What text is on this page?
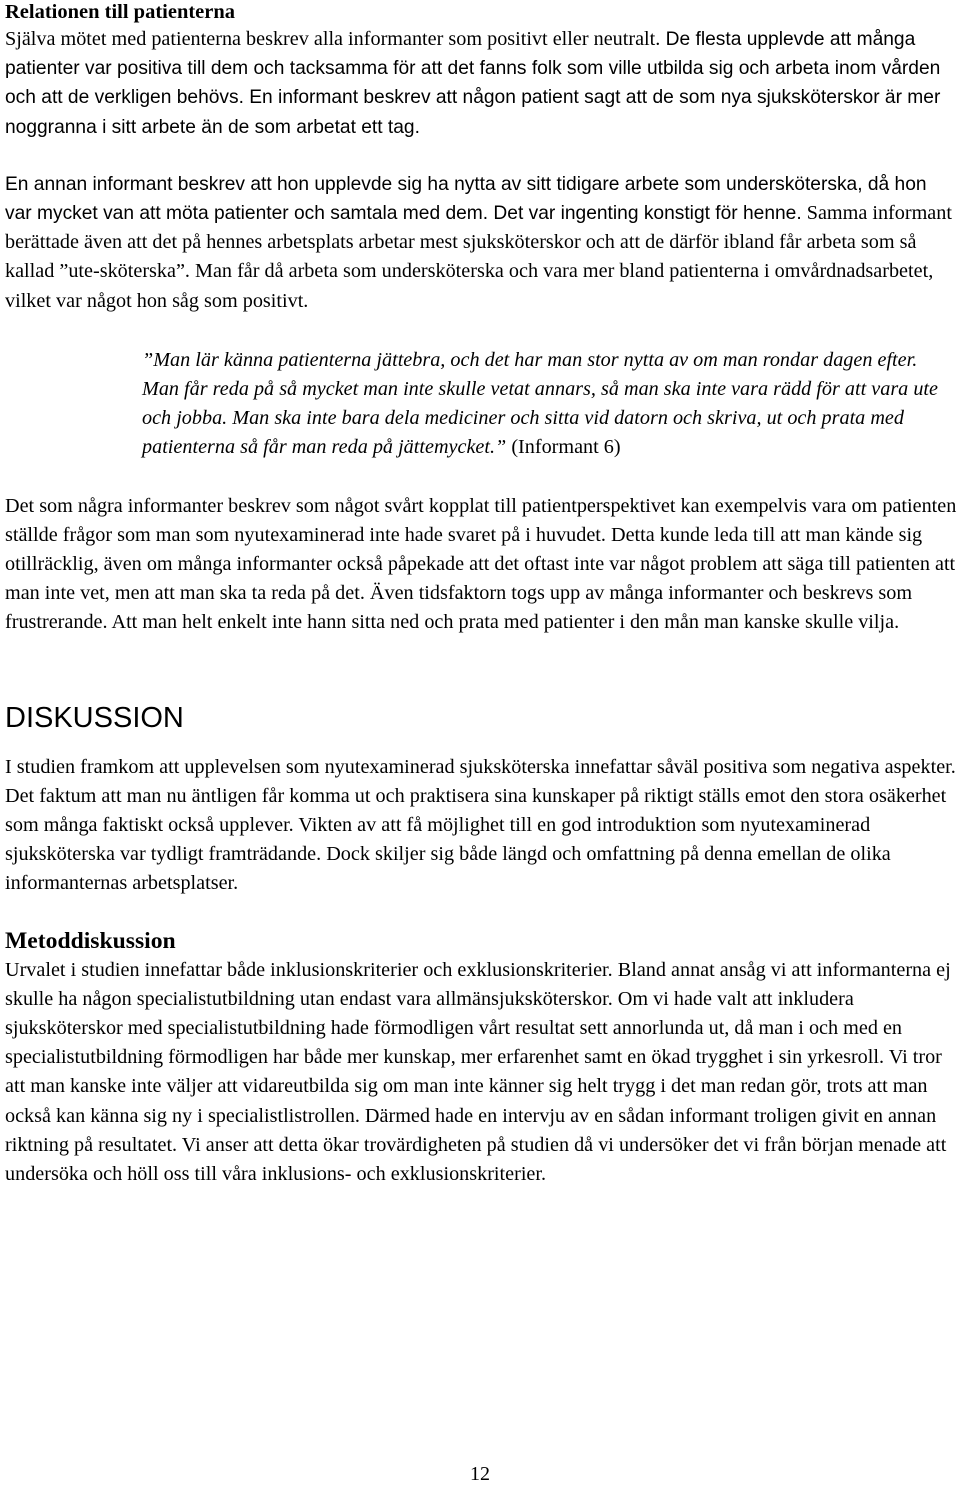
Relationen till patienterna

Själva mötet med patienterna beskrev alla informanter som positivt eller neutralt. De flesta upplevde att många patienter var positiva till dem och tacksamma för att det fanns folk som ville utbilda sig och arbeta inom vården och att de verkligen behövs. En informant beskrev att någon patient sagt att de som nya sjuksköterskor är mer noggranna i sitt arbete än de som arbetat ett tag.

En annan informant beskrev att hon upplevde sig ha nytta av sitt tidigare arbete som undersköterska, då hon var mycket van att möta patienter och samtala med dem. Det var ingenting konstigt för henne. Samma informant berättade även att det på hennes arbetsplats arbetar mest sjuksköterskor och att de därför ibland får arbeta som så kallad ”ute-sköterska”. Man får då arbeta som undersköterska och vara mer bland patienterna i omvårdnadsarbetet, vilket var något hon såg som positivt.

”Man lär känna patienterna jättebra, och det har man stor nytta av om man rondar dagen efter. Man får reda på så mycket man inte skulle vetat annars, så man ska inte vara rädd för att vara ute och jobba. Man ska inte bara dela mediciner och sitta vid datorn och skriva, ut och prata med patienterna så får man reda på jättemycket.” (Informant 6)

Det som några informanter beskrev som något svårt kopplat till patientperspektivet kan exempelvis vara om patienten ställde frågor som man som nyutexaminerad inte hade svaret på i huvudet. Detta kunde leda till att man kände sig otillräcklig, även om många informanter också påpekade att det oftast inte var något problem att säga till patienten att man inte vet, men att man ska ta reda på det. Även tidsfaktorn togs upp av många informanter och beskrevs som frustrerande. Att man helt enkelt inte hann sitta ned och prata med patienter i den mån man kanske skulle vilja.

DISKUSSION

I studien framkom att upplevelsen som nyutexaminerad sjuksköterska innefattar såväl positiva som negativa aspekter. Det faktum att man nu äntligen får komma ut och praktisera sina kunskaper på riktigt ställs emot den stora osäkerhet som många faktiskt också upplever. Vikten av att få möjlighet till en god introduktion som nyutexaminerad sjuksköterska var tydligt framträdande. Dock skiljer sig både längd och omfattning på denna emellan de olika informanternas arbetsplatser.

Metoddiskussion

Urvalet i studien innefattar både inklusionskriterier och exklusionskriterier. Bland annat ansåg vi att informanterna ej skulle ha någon specialistutbildning utan endast vara allmänsjuksköterskor. Om vi hade valt att inkludera sjuksköterskor med specialistutbildning hade förmodligen vårt resultat sett annorlunda ut, då man i och med en specialistutbildning förmodligen har både mer kunskap, mer erfarenhet samt en ökad trygghet i sin yrkesroll. Vi tror att man kanske inte väljer att vidareutbilda sig om man inte känner sig helt trygg i det man redan gör, trots att man också kan känna sig ny i specialistlistrollen. Därmed hade en intervju av en sådan informant troligen givit en annan riktning på resultatet. Vi anser att detta ökar trovärdigheten på studien då vi undersöker det vi från början menade att undersöka och höll oss till våra inklusions- och exklusionskriterier.

12
